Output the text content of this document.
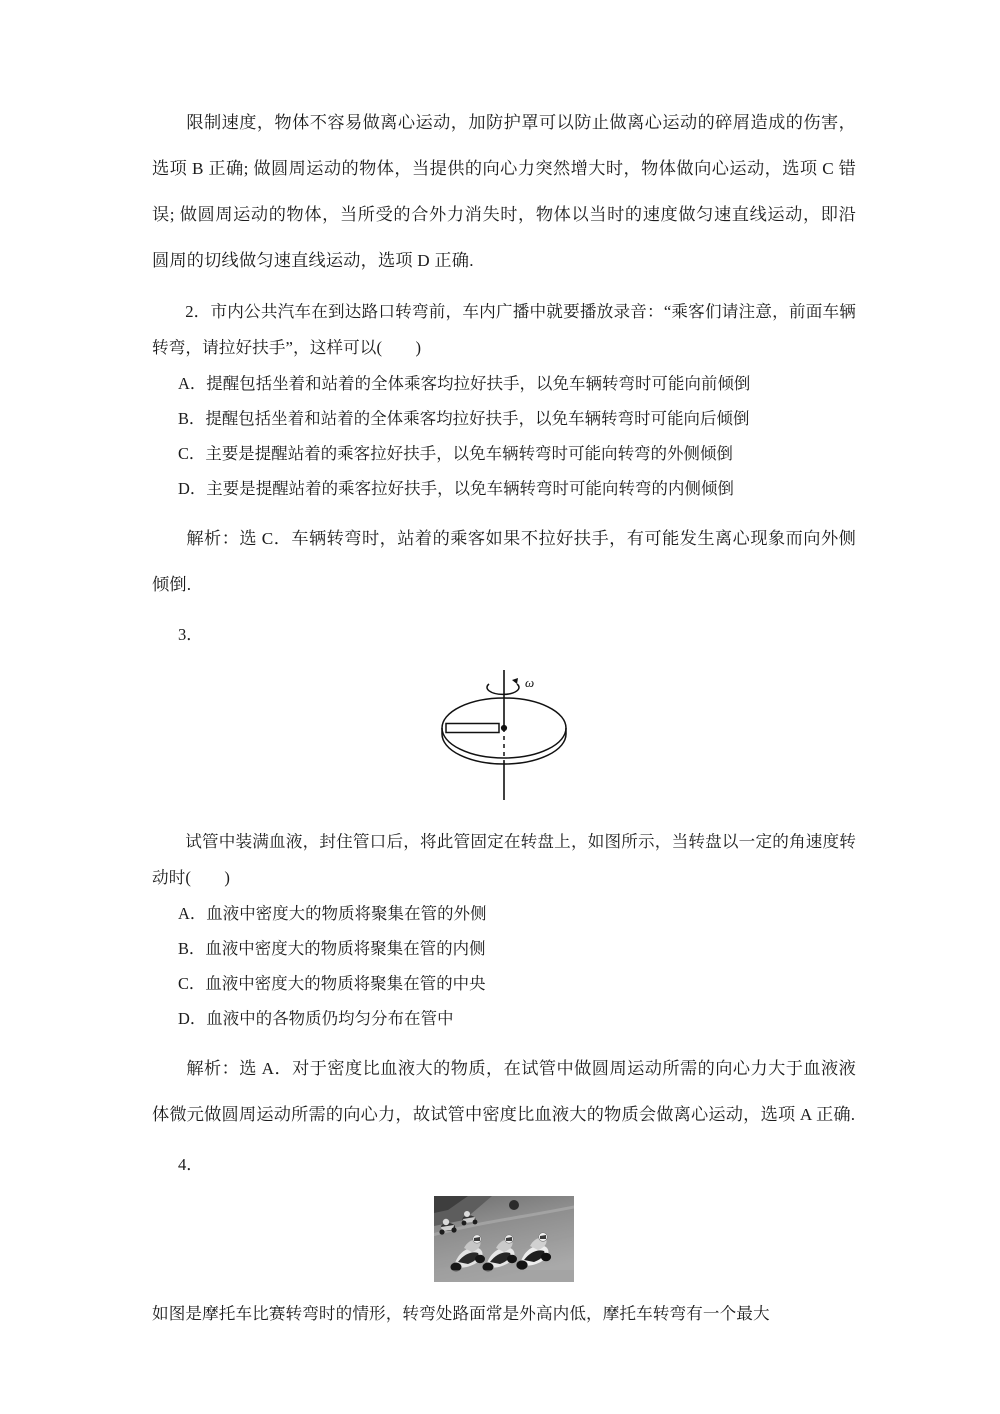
限制速度，物体不容易做离心运动，加防护罩可以防止做离心运动的碎屑造成的伤害，选项 B 正确; 做圆周运动的物体，当提供的向心力突然增大时，物体做向心运动，选项 C 错误; 做圆周运动的物体，当所受的合外力消失时，物体以当时的速度做匀速直线运动，即沿圆周的切线做匀速直线运动，选项 D 正确.
2．市内公共汽车在到达路口转弯前，车内广播中就要播放录音：“乘客们请注意，前面车辆转弯，请拉好扶手”，这样可以(　　)
A．提醒包括坐着和站着的全体乘客均拉好扶手，以免车辆转弯时可能向前倾倒
B．提醒包括坐着和站着的全体乘客均拉好扶手，以免车辆转弯时可能向后倾倒
C．主要是提醒站着的乘客拉好扶手，以免车辆转弯时可能向转弯的外侧倾倒
D．主要是提醒站着的乘客拉好扶手，以免车辆转弯时可能向转弯的内侧倾倒
解析：选 C．车辆转弯时，站着的乘客如果不拉好扶手，有可能发生离心现象而向外侧倾倒.
3．
ω
试管中装满血液，封住管口后，将此管固定在转盘上，如图所示，当转盘以一定的角速度转动时(　　)
A．血液中密度大的物质将聚集在管的外侧
B．血液中密度大的物质将聚集在管的内侧
C．血液中密度大的物质将聚集在管的中央
D．血液中的各物质仍均匀分布在管中
解析：选 A．对于密度比血液大的物质，在试管中做圆周运动所需的向心力大于血液液体微元做圆周运动所需的向心力，故试管中密度比血液大的物质会做离心运动，选项 A 正确.
4．
如图是摩托车比赛转弯时的情形，转弯处路面常是外高内低，摩托车转弯有一个最大
